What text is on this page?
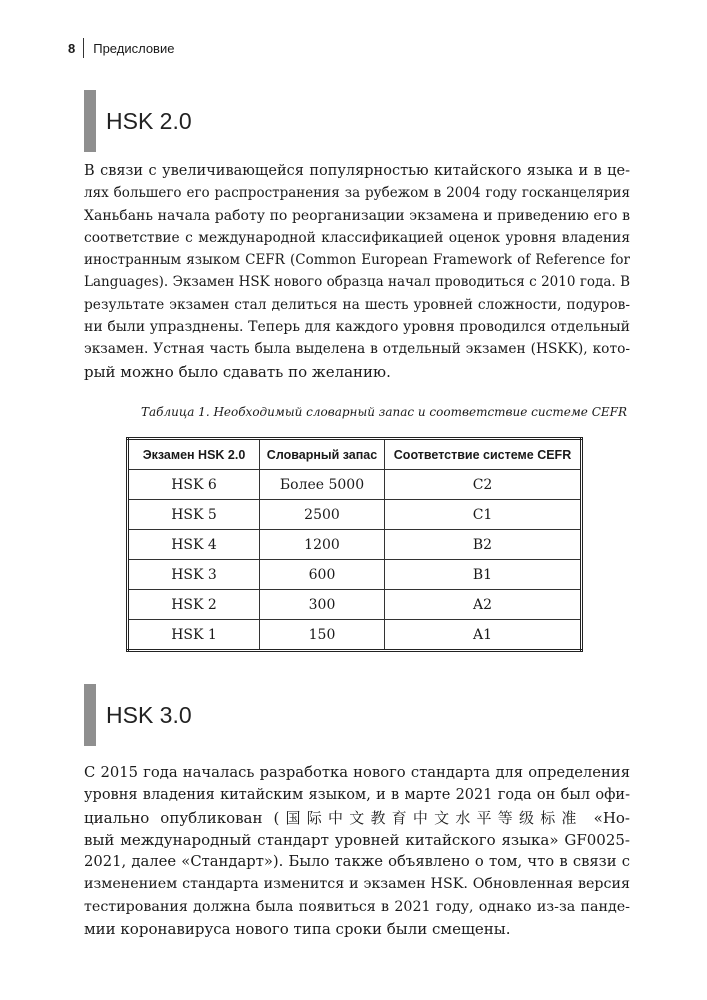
8 Предисловие
HSK 2.0

В связи с увеличивающейся популярностью китайского языка и в це-
лях большего его распространения за рубежом в 2004 году госканцелярия
Ханьбань начала работу по реорганизации экзамена и приведению его в
соответствие с международной классификацией оценок уровня владения
иностранным языком CEFR (Common European Framework of Reference for
Languages). Экзамен HSK нового образца начал проводиться с 2010 года. В
результате экзамен стал делиться на шесть уровней сложности, подуров-
ни были упразднены. Теперь для каждого уровня проводился отдельный
экзамен. Устная часть была выделена в отдельный экзамен (HSKK), кото-
рый можно было сдавать по желанию.

Таблица 1. Необходимый словарный запас и соответствие системе CEFR

Экзамен HSK 2.0	Словарный запас	Соответствие системе CEFR
HSK 6	Более 5000	C2
HSK 5	2500	C1
HSK 4	1200	B2
HSK 3	600	B1
HSK 2	300	A2
HSK 1	150	A1
HSK 3.0

С 2015 года началась разработка нового стандарта для определения
уровня владения китайским языком, и в марте 2021 года он был офи-
циально опубликован (国际中文教育中文水平等级标准 «Но-
вый международный стандарт уровней китайского языка» GF0025-
2021, далее «Стандарт»). Было также объявлено о том, что в связи с
изменением стандарта изменится и экзамен HSK. Обновленная версия
тестирования должна была появиться в 2021 году, однако из-за панде-
мии коронавируса нового типа сроки были смещены.
